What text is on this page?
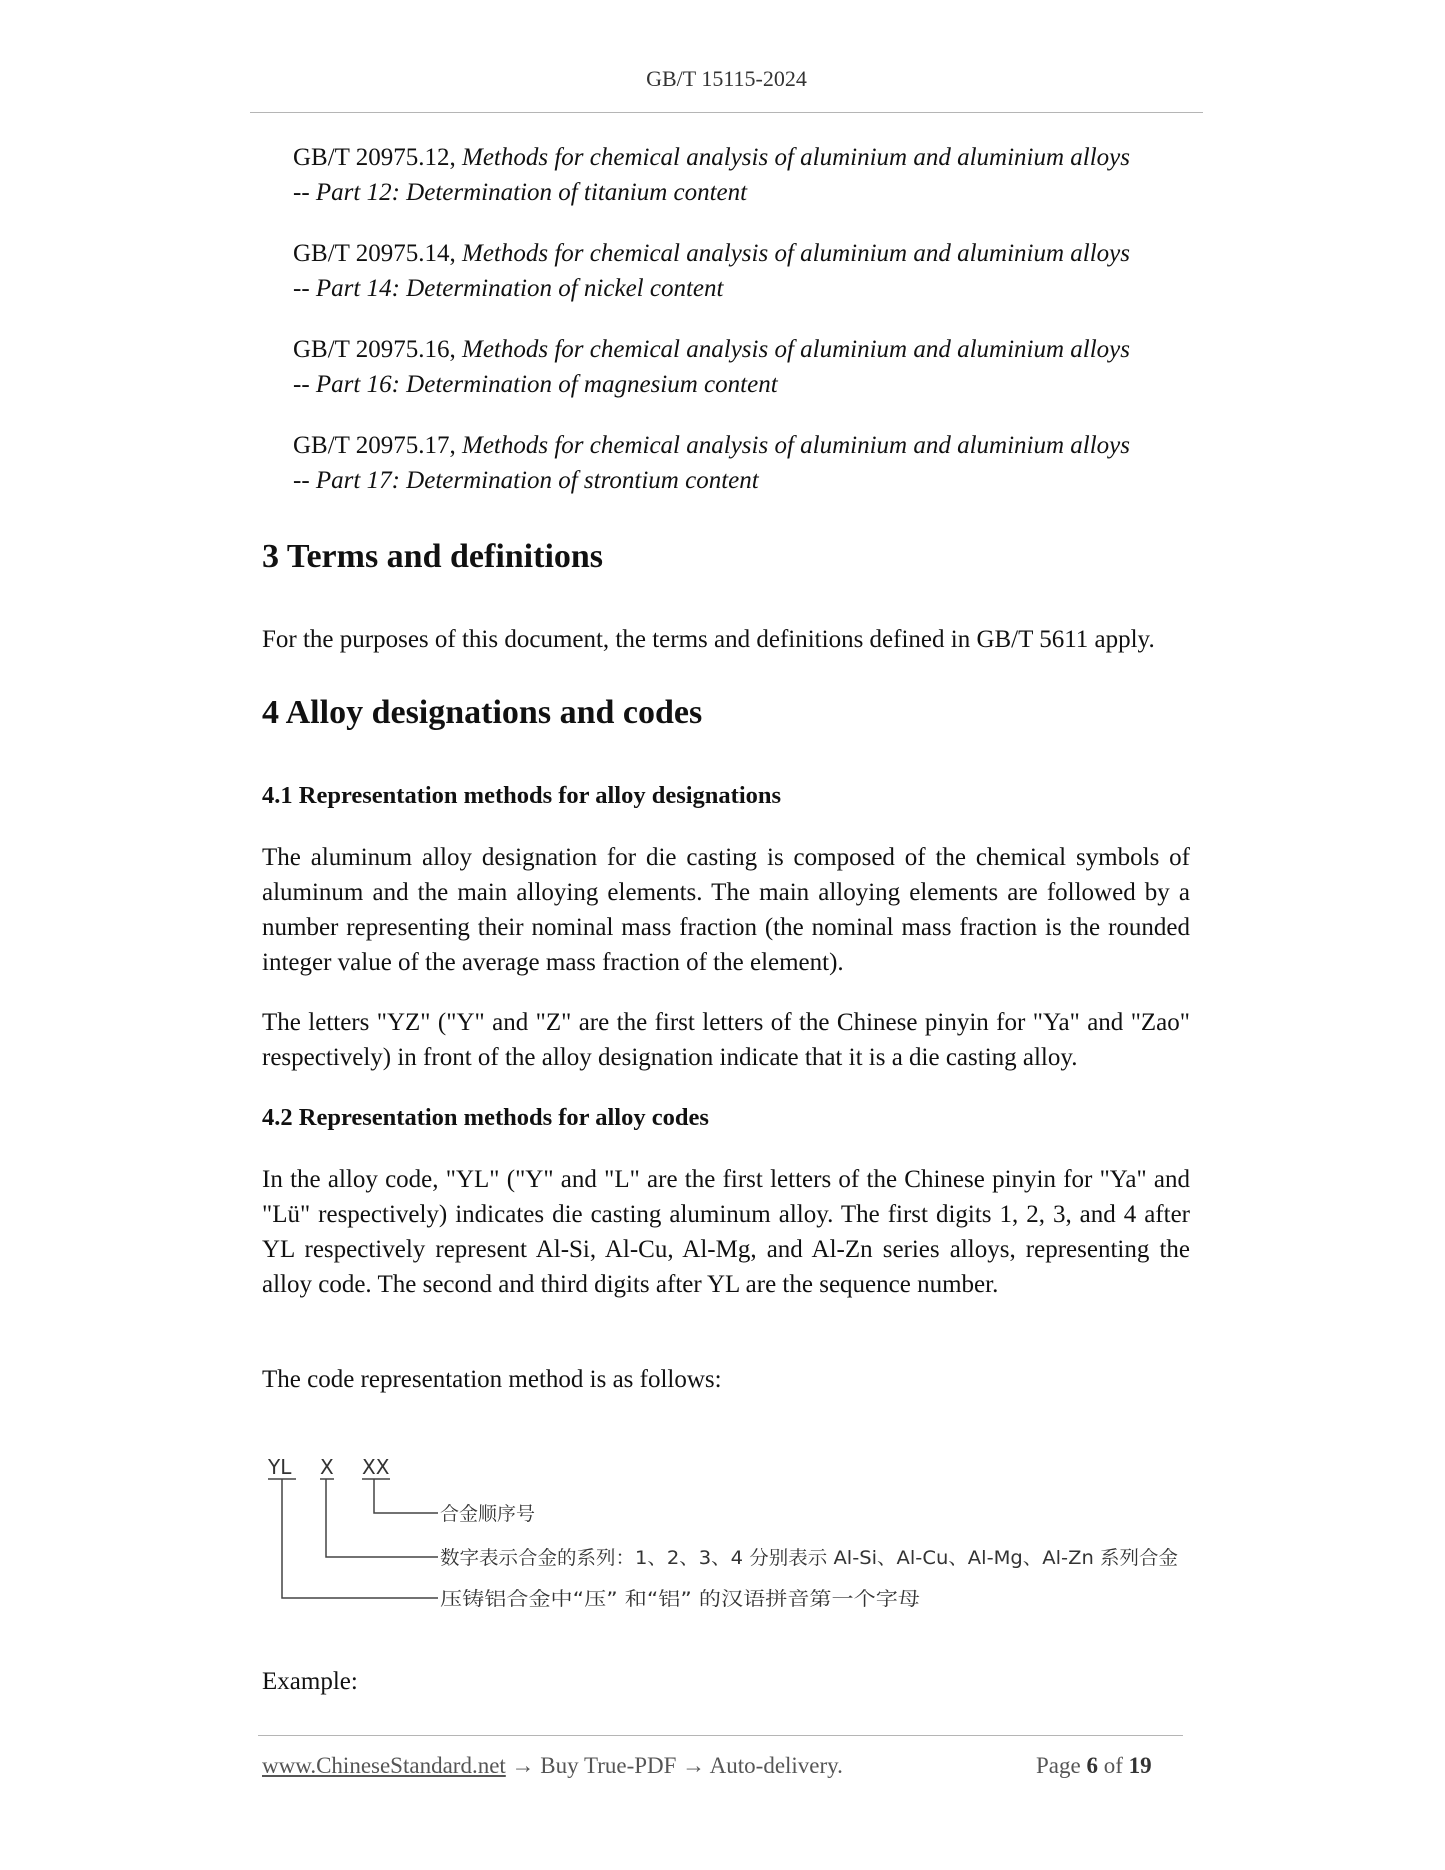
GB/T 15115-2024
GB/T 20975.12, Methods for chemical analysis of aluminium and aluminium alloys
-- Part 12: Determination of titanium content
GB/T 20975.14, Methods for chemical analysis of aluminium and aluminium alloys
-- Part 14: Determination of nickel content
GB/T 20975.16, Methods for chemical analysis of aluminium and aluminium alloys
-- Part 16: Determination of magnesium content
GB/T 20975.17, Methods for chemical analysis of aluminium and aluminium alloys
-- Part 17: Determination of strontium content
3 Terms and definitions
For the purposes of this document, the terms and definitions defined in GB/T 5611 apply.
4 Alloy designations and codes
4.1 Representation methods for alloy designations
The aluminum alloy designation for die casting is composed of the chemical symbols of aluminum and the main alloying elements. The main alloying elements are followed by a number representing their nominal mass fraction (the nominal mass fraction is the rounded integer value of the average mass fraction of the element).
The letters "YZ" ("Y" and "Z" are the first letters of the Chinese pinyin for "Ya" and "Zao" respectively) in front of the alloy designation indicate that it is a die casting alloy.
4.2 Representation methods for alloy codes
In the alloy code, "YL" ("Y" and "L" are the first letters of the Chinese pinyin for "Ya" and "Lü" respectively) indicates die casting aluminum alloy. The first digits 1, 2, 3, and 4 after YL respectively represent Al-Si, Al-Cu, Al-Mg, and Al-Zn series alloys, representing the alloy code. The second and third digits after YL are the sequence number.
The code representation method is as follows:
YL X XX
合金顺序号
数字表示合金的系列：1、2、3、4 分别表示 Al-Si、Al-Cu、Al-Mg、Al-Zn 系列合金
压铸铝合金中“压” 和“铝” 的汉语拼音第一个字母
Example:
www.ChineseStandard.net → Buy True-PDF → Auto-delivery.	Page 6 of 19
